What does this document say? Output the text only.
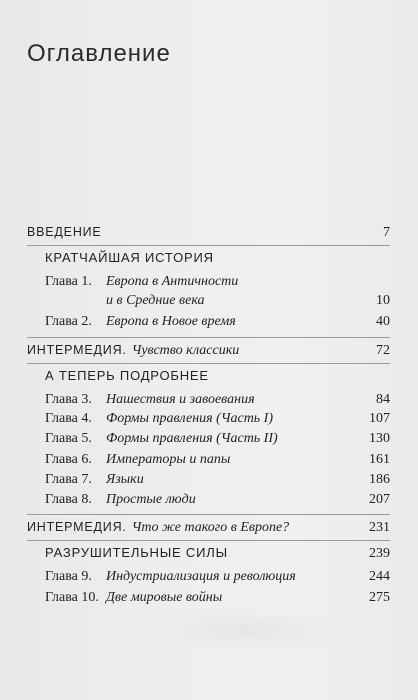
Оглавление
ВВЕДЕНИЕ	7
КРАТЧАЙШАЯ ИСТОРИЯ
Глава 1.	Европа в Античности
и в Средние века	10
Глава 2.	Европа в Новое время	40
ИНТЕРМЕДИЯ. Чувство классики	72
А ТЕПЕРЬ ПОДРОБНЕЕ
Глава 3.	Нашествия и завоевания	84
Глава 4.	Формы правления (Часть I)	107
Глава 5.	Формы правления (Часть II)	130
Глава 6.	Императоры и папы	161
Глава 7.	Языки	186
Глава 8.	Простые люди	207
ИНТЕРМЕДИЯ. Что же такого в Европе?	231
РАЗРУШИТЕЛЬНЫЕ СИЛЫ	239
Глава 9.	Индустриализация и революция	244
Глава 10. Две мировые войны	275
